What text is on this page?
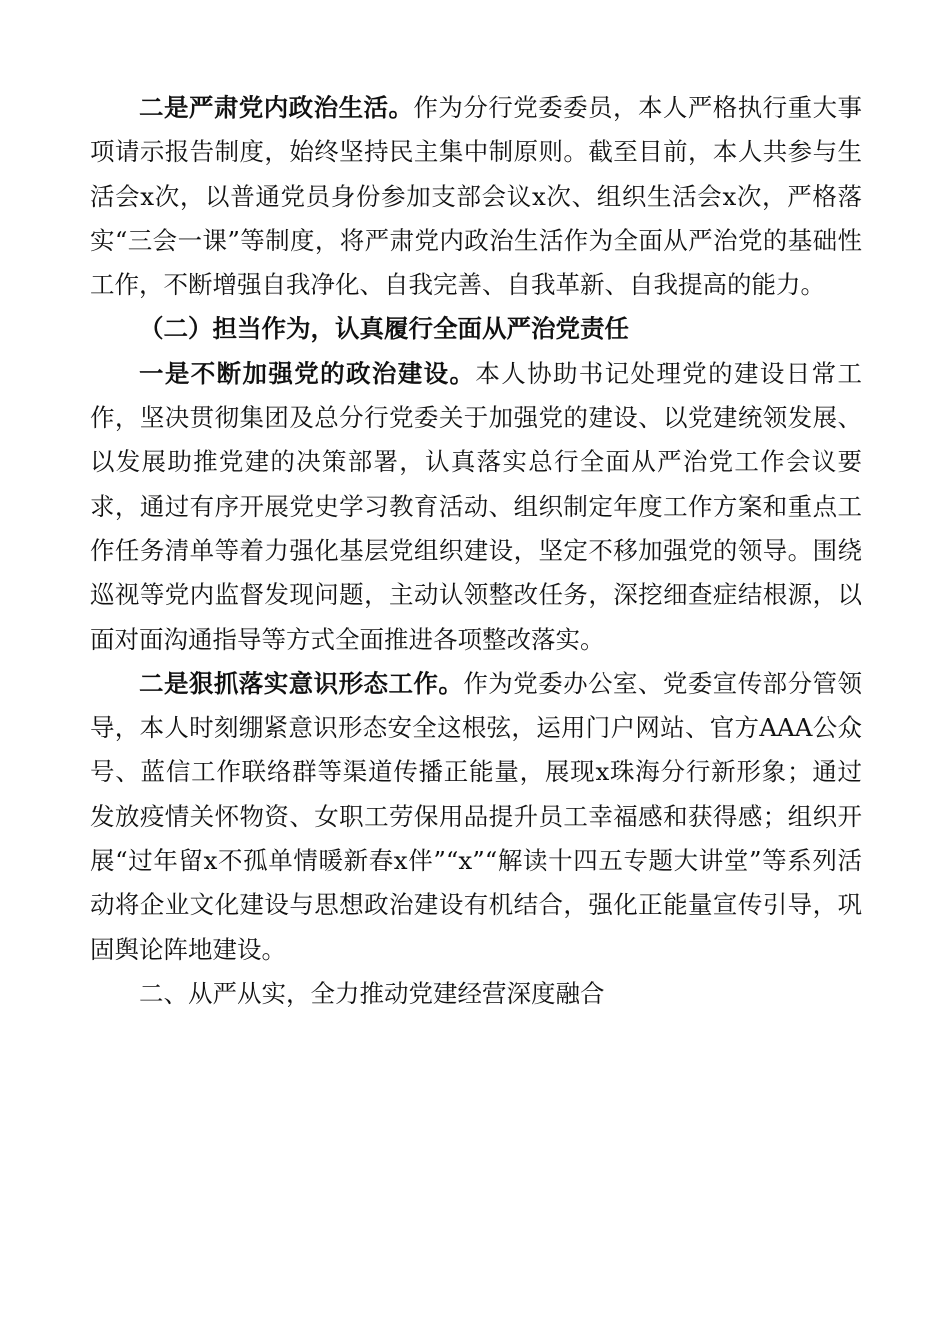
二是严肃党内政治生活。作为分行党委委员，本人严格执行重大事项请示报告制度，始终坚持民主集中制原则。截至目前，本人共参与生活会x次，以普通党员身份参加支部会议x次、组织生活会x次，严格落实“三会一课”等制度，将严肃党内政治生活作为全面从严治党的基础性工作，不断增强自我净化、自我完善、自我革新、自我提高的能力。

（二）担当作为，认真履行全面从严治党责任

一是不断加强党的政治建设。本人协助书记处理党的建设日常工作，坚决贯彻集团及总分行党委关于加强党的建设、以党建统领发展、以发展助推党建的决策部署，认真落实总行全面从严治党工作会议要求，通过有序开展党史学习教育活动、组织制定年度工作方案和重点工作任务清单等着力强化基层党组织建设，坚定不移加强党的领导。围绕巡视等党内监督发现问题，主动认领整改任务，深挖细查症结根源，以面对面沟通指导等方式全面推进各项整改落实。

二是狠抓落实意识形态工作。作为党委办公室、党委宣传部分管领导，本人时刻绷紧意识形态安全这根弦，运用门户网站、官方AAA公众号、蓝信工作联络群等渠道传播正能量，展现x珠海分行新形象；通过发放疫情关怀物资、女职工劳保用品提升员工幸福感和获得感；组织开展“过年留x不孤单情暖新春x伴”“x”“解读十四五专题大讲堂”等系列活动将企业文化建设与思想政治建设有机结合，强化正能量宣传引导，巩固舆论阵地建设。

二、从严从实，全力推动党建经营深度融合
